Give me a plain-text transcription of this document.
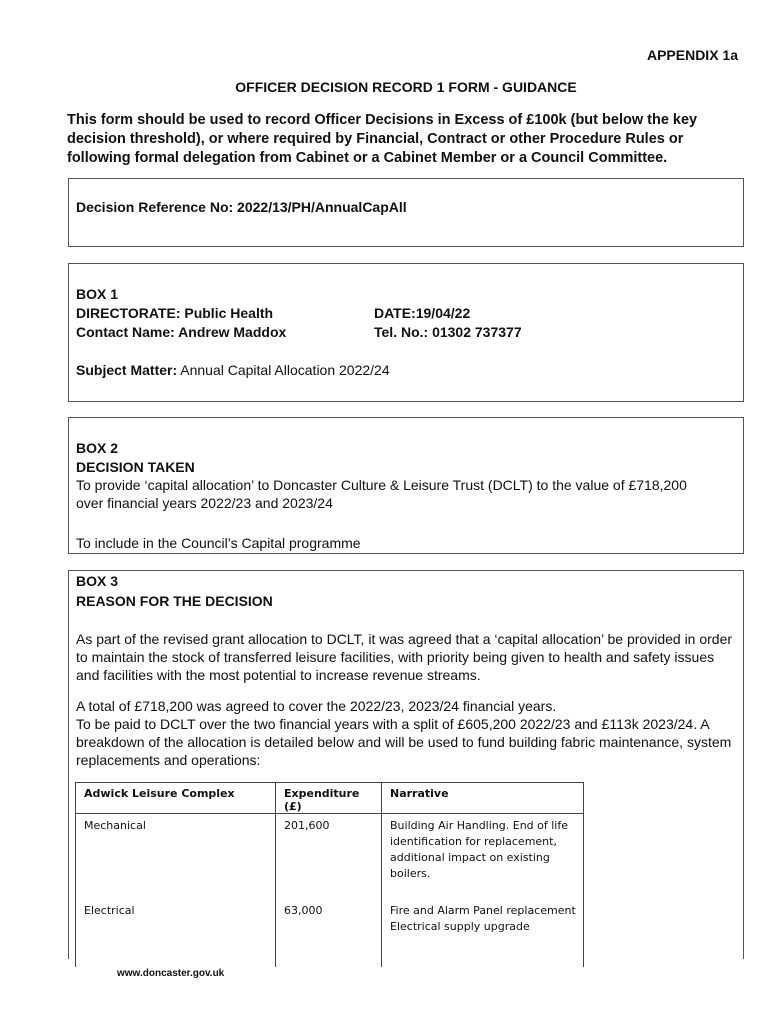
APPENDIX 1a
OFFICER DECISION RECORD 1 FORM - GUIDANCE
This form should be used to record Officer Decisions in Excess of £100k (but below the key decision threshold), or where required by Financial, Contract or other Procedure Rules or following formal delegation from Cabinet or a Cabinet Member or a Council Committee.
Decision Reference No: 2022/13/PH/AnnualCapAll
BOX 1
DIRECTORATE: Public Health	DATE:19/04/22
Contact Name: Andrew Maddox	Tel. No.: 01302 737377
Subject Matter: Annual Capital Allocation 2022/24
BOX 2
DECISION TAKEN
To provide ‘capital allocation’ to Doncaster Culture & Leisure Trust (DCLT) to the value of £718,200 over financial years 2022/23 and 2023/24
To include in the Council’s Capital programme
BOX 3
REASON FOR THE DECISION
As part of the revised grant allocation to DCLT, it was agreed that a ‘capital allocation’ be provided in order to maintain the stock of transferred leisure facilities, with priority being given to health and safety issues and facilities with the most potential to increase revenue streams.
A total of £718,200 was agreed to cover the 2022/23, 2023/24 financial years.
To be paid to DCLT over the two financial years with a split of £605,200 2022/23 and £113k 2023/24. A breakdown of the allocation is detailed below and will be used to fund building fabric maintenance, system replacements and operations:
Adwick Leisure Complex	Expenditure (£)	Narrative

Mechanical	201,600	Building Air Handling. End of life identification for replacement, additional impact on existing boilers.

Electrical	63,000	Fire and Alarm Panel replacement
Electrical supply upgrade
www.doncaster.gov.uk
